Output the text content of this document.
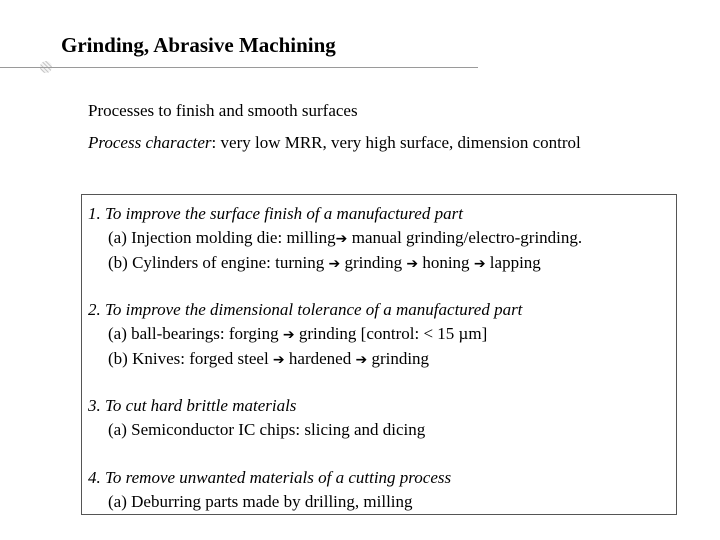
Grinding, Abrasive Machining
Processes to finish and smooth surfaces
Process character: very low MRR, very high surface, dimension control
1. To improve the surface finish of a manufactured part
(a) Injection molding die: milling➔ manual grinding/electro-grinding.
(b) Cylinders of engine: turning ➔ grinding ➔ honing ➔ lapping
2. To improve the dimensional tolerance of a manufactured part
(a) ball-bearings: forging ➔ grinding [control: < 15 µm]
(b) Knives: forged steel ➔ hardened ➔ grinding
3. To cut hard brittle materials
(a) Semiconductor IC chips: slicing and dicing
4. To remove unwanted materials of a cutting process
(a) Deburring parts made by drilling, milling
